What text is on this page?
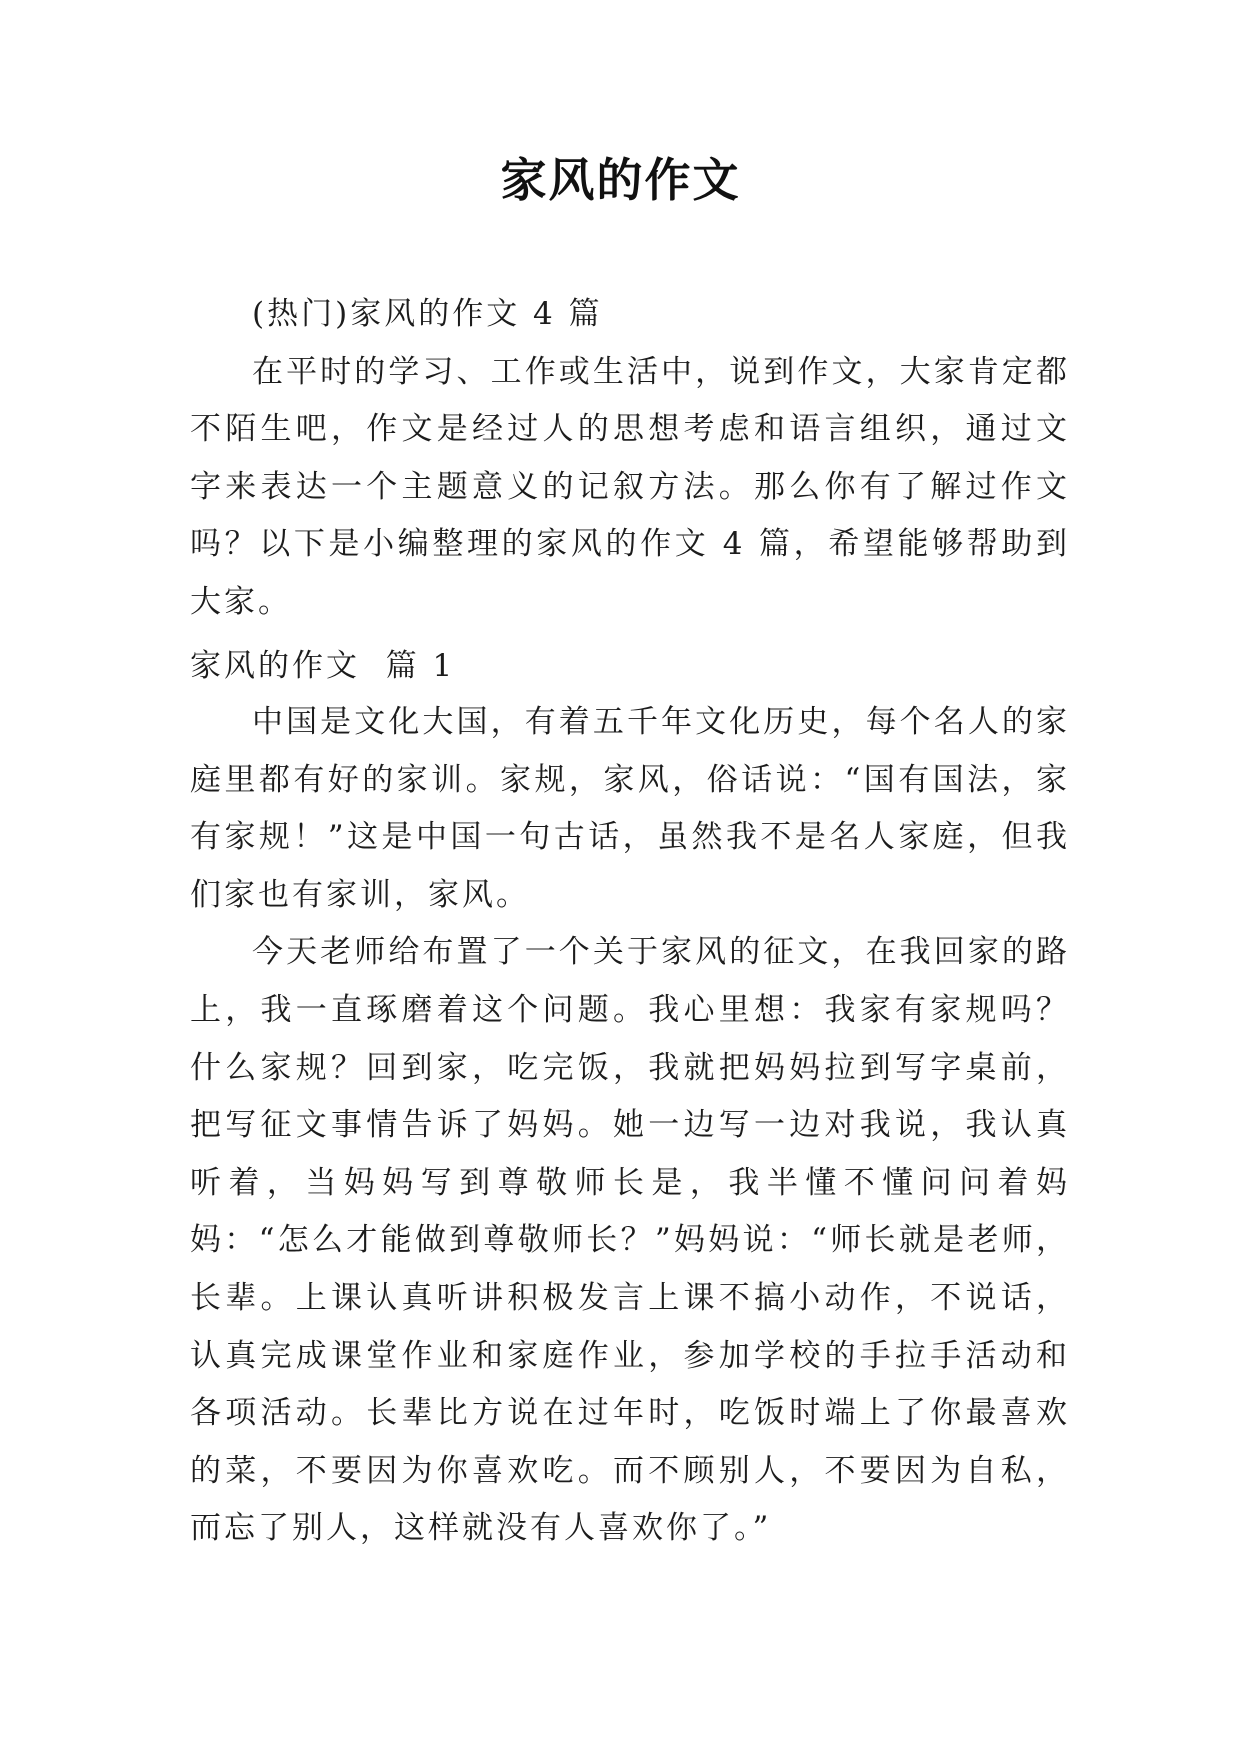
家风的作文

(热门)家风的作文 4 篇

在平时的学习、工作或生活中，说到作文，大家肯定都不陌生吧，作文是经过人的思想考虑和语言组织，通过文字来表达一个主题意义的记叙方法。那么你有了解过作文吗？以下是小编整理的家风的作文 4 篇，希望能够帮助到大家。

家风的作文  篇 1

中国是文化大国，有着五千年文化历史，每个名人的家庭里都有好的家训。家规，家风，俗话说：“国有国法，家有家规！”这是中国一句古话，虽然我不是名人家庭，但我们家也有家训，家风。

今天老师给布置了一个关于家风的征文，在我回家的路上，我一直琢磨着这个问题。我心里想：我家有家规吗？什么家规？回到家，吃完饭，我就把妈妈拉到写字桌前，把写征文事情告诉了妈妈。她一边写一边对我说，我认真听着，当妈妈写到尊敬师长是，我半懂不懂问问着妈妈：“怎么才能做到尊敬师长？”妈妈说：“师长就是老师，长辈。上课认真听讲积极发言上课不搞小动作，不说话，认真完成课堂作业和家庭作业，参加学校的手拉手活动和各项活动。长辈比方说在过年时，吃饭时端上了你最喜欢的菜，不要因为你喜欢吃。而不顾别人，不要因为自私，而忘了别人，这样就没有人喜欢你了。”
